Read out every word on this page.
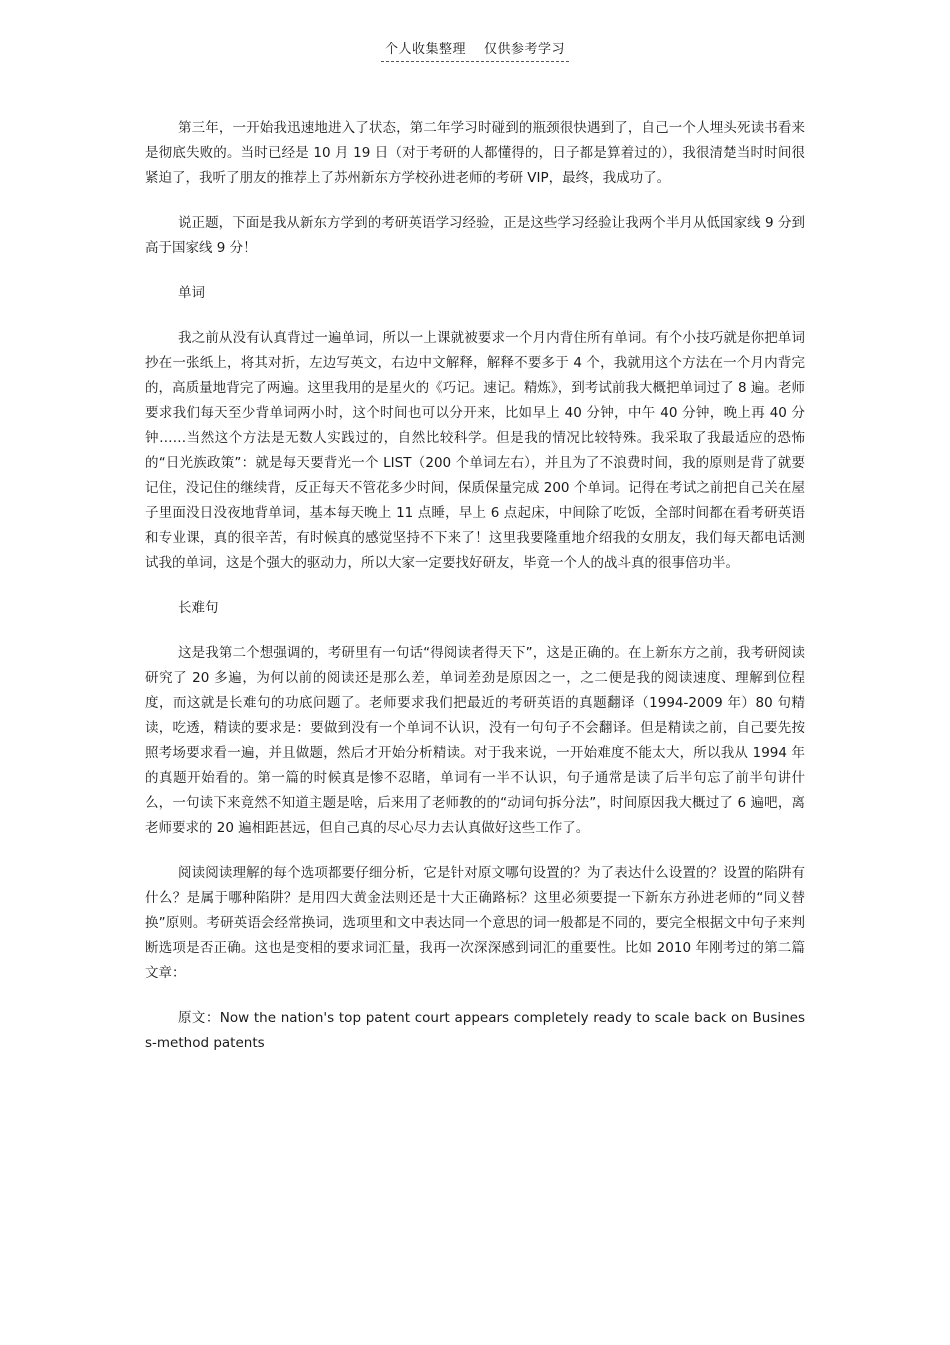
个人收集整理 仅供参考学习

第三年，一开始我迅速地进入了状态，第二年学习时碰到的瓶颈很快遇到了，自己一个人埋头死读书看来是彻底失败的。当时已经是 10 月 19 日（对于考研的人都懂得的，日子都是算着过的），我很清楚当时时间很紧迫了，我听了朋友的推荐上了苏州新东方学校孙进老师的考研 VIP，最终，我成功了。

说正题，下面是我从新东方学到的考研英语学习经验，正是这些学习经验让我两个半月从低国家线 9 分到高于国家线 9 分！

单词

我之前从没有认真背过一遍单词，所以一上课就被要求一个月内背住所有单词。有个小技巧就是你把单词抄在一张纸上，将其对折，左边写英文，右边中文解释，解释不要多于 4 个，我就用这个方法在一个月内背完的，高质量地背完了两遍。这里我用的是星火的《巧记。速记。精炼》，到考试前我大概把单词过了 8 遍。老师要求我们每天至少背单词两小时，这个时间也可以分开来，比如早上 40 分钟，中午 40 分钟，晚上再 40 分钟……当然这个方法是无数人实践过的，自然比较科学。但是我的情况比较特殊。我采取了我最适应的恐怖的“日光族政策”：就是每天要背光一个 LIST（200 个单词左右），并且为了不浪费时间，我的原则是背了就要记住，没记住的继续背，反正每天不管花多少时间，保质保量完成 200 个单词。记得在考试之前把自己关在屋子里面没日没夜地背单词，基本每天晚上 11 点睡，早上 6 点起床，中间除了吃饭，全部时间都在看考研英语和专业课，真的很辛苦，有时候真的感觉坚持不下来了！这里我要隆重地介绍我的女朋友，我们每天都电话测试我的单词，这是个强大的驱动力，所以大家一定要找好研友，毕竟一个人的战斗真的很事倍功半。

长难句

这是我第二个想强调的，考研里有一句话“得阅读者得天下”，这是正确的。在上新东方之前，我考研阅读研究了 20 多遍，为何以前的阅读还是那么差，单词差劲是原因之一，之二便是我的阅读速度、理解到位程度，而这就是长难句的功底问题了。老师要求我们把最近的考研英语的真题翻译（1994-2009 年）80 句精读，吃透，精读的要求是：要做到没有一个单词不认识，没有一句句子不会翻译。但是精读之前，自己要先按照考场要求看一遍，并且做题，然后才开始分析精读。对于我来说，一开始难度不能太大，所以我从 1994 年的真题开始看的。第一篇的时候真是惨不忍睹，单词有一半不认识，句子通常是读了后半句忘了前半句讲什么，一句读下来竟然不知道主题是啥，后来用了老师教的的“动词句拆分法”，时间原因我大概过了 6 遍吧，离老师要求的 20 遍相距甚远，但自己真的尽心尽力去认真做好这些工作了。

阅读阅读理解的每个选项都要仔细分析，它是针对原文哪句设置的？为了表达什么设置的？设置的陷阱有什么？是属于哪种陷阱？是用四大黄金法则还是十大正确路标？这里必须要提一下新东方孙进老师的“同义替换”原则。考研英语会经常换词，选项里和文中表达同一个意思的词一般都是不同的，要完全根据文中句子来判断选项是否正确。这也是变相的要求词汇量，我再一次深深感到词汇的重要性。比如 2010 年刚考过的第二篇文章：

原文：Now the nation's top patent court appears completely ready to scale back on Business-method patents
